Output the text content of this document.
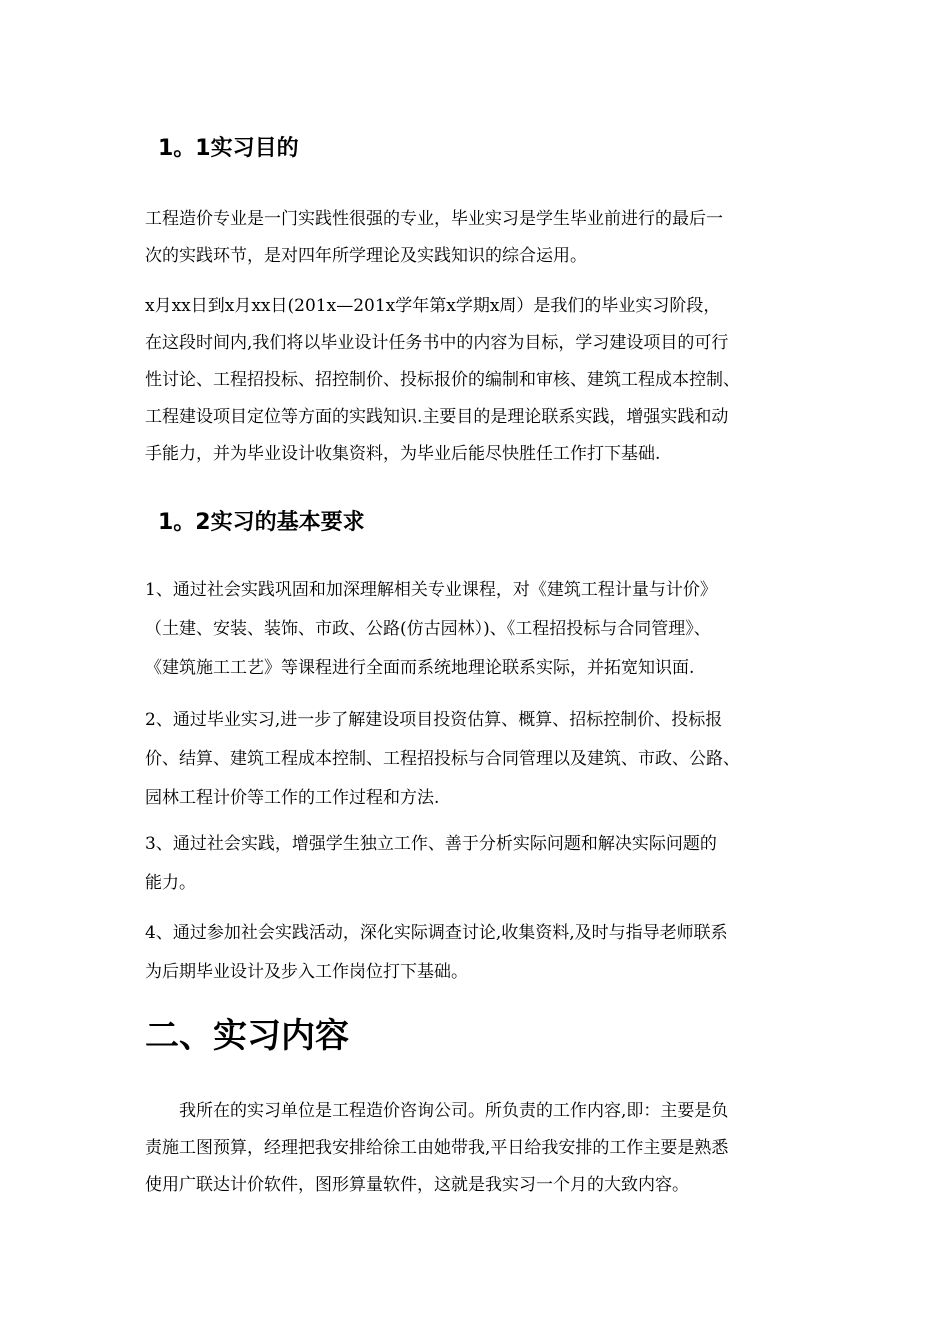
1。1实习目的
工程造价专业是一门实践性很强的专业，毕业实习是学生毕业前进行的最后一
次的实践环节，是对四年所学理论及实践知识的综合运用。
x月xx日到x月xx日(201x—201x学年第x学期x周）是我们的毕业实习阶段，
在这段时间内,我们将以毕业设计任务书中的内容为目标，学习建设项目的可行
性讨论、工程招投标、招控制价、投标报价的编制和审核、建筑工程成本控制、
工程建设项目定位等方面的实践知识.主要目的是理论联系实践，增强实践和动
手能力，并为毕业设计收集资料，为毕业后能尽快胜任工作打下基础.
1。2实习的基本要求
1、通过社会实践巩固和加深理解相关专业课程，对《建筑工程计量与计价》
（土建、安装、装饰、市政、公路(仿古园林）)、《工程招投标与合同管理》、
《建筑施工工艺》等课程进行全面而系统地理论联系实际，并拓宽知识面.
2、通过毕业实习,进一步了解建设项目投资估算、概算、招标控制价、投标报
价、结算、建筑工程成本控制、工程招投标与合同管理以及建筑、市政、公路、
园林工程计价等工作的工作过程和方法.
3、通过社会实践，增强学生独立工作、善于分析实际问题和解决实际问题的
能力。
4、通过参加社会实践活动，深化实际调查讨论,收集资料,及时与指导老师联系
为后期毕业设计及步入工作岗位打下基础。
二、实习内容
　　我所在的实习单位是工程造价咨询公司。所负责的工作内容,即：主要是负
责施工图预算，经理把我安排给徐工由她带我,平日给我安排的工作主要是熟悉
使用广联达计价软件，图形算量软件，这就是我实习一个月的大致内容。
